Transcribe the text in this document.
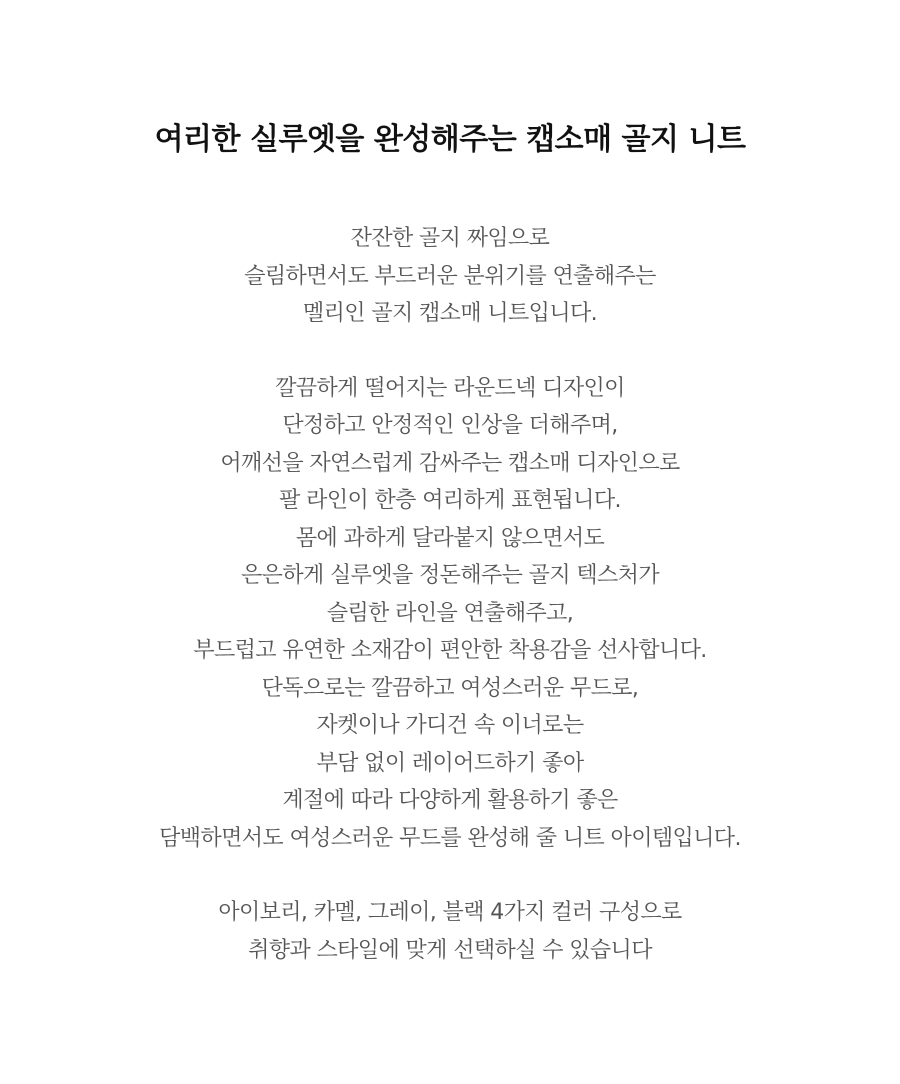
여리한 실루엣을 완성해주는 캡소매 골지 니트

잔잔한 골지 짜임으로
슬림하면서도 부드러운 분위기를 연출해주는
멜리인 골지 캡소매 니트입니다.

깔끔하게 떨어지는 라운드넥 디자인이
단정하고 안정적인 인상을 더해주며,
어깨선을 자연스럽게 감싸주는 캡소매 디자인으로
팔 라인이 한층 여리하게 표현됩니다.
몸에 과하게 달라붙지 않으면서도
은은하게 실루엣을 정돈해주는 골지 텍스처가
슬림한 라인을 연출해주고,
부드럽고 유연한 소재감이 편안한 착용감을 선사합니다.
단독으로는 깔끔하고 여성스러운 무드로,
자켓이나 가디건 속 이너로는
부담 없이 레이어드하기 좋아
계절에 따라 다양하게 활용하기 좋은
담백하면서도 여성스러운 무드를 완성해 줄 니트 아이템입니다.

아이보리, 카멜, 그레이, 블랙 4가지 컬러 구성으로
취향과 스타일에 맞게 선택하실 수 있습니다
